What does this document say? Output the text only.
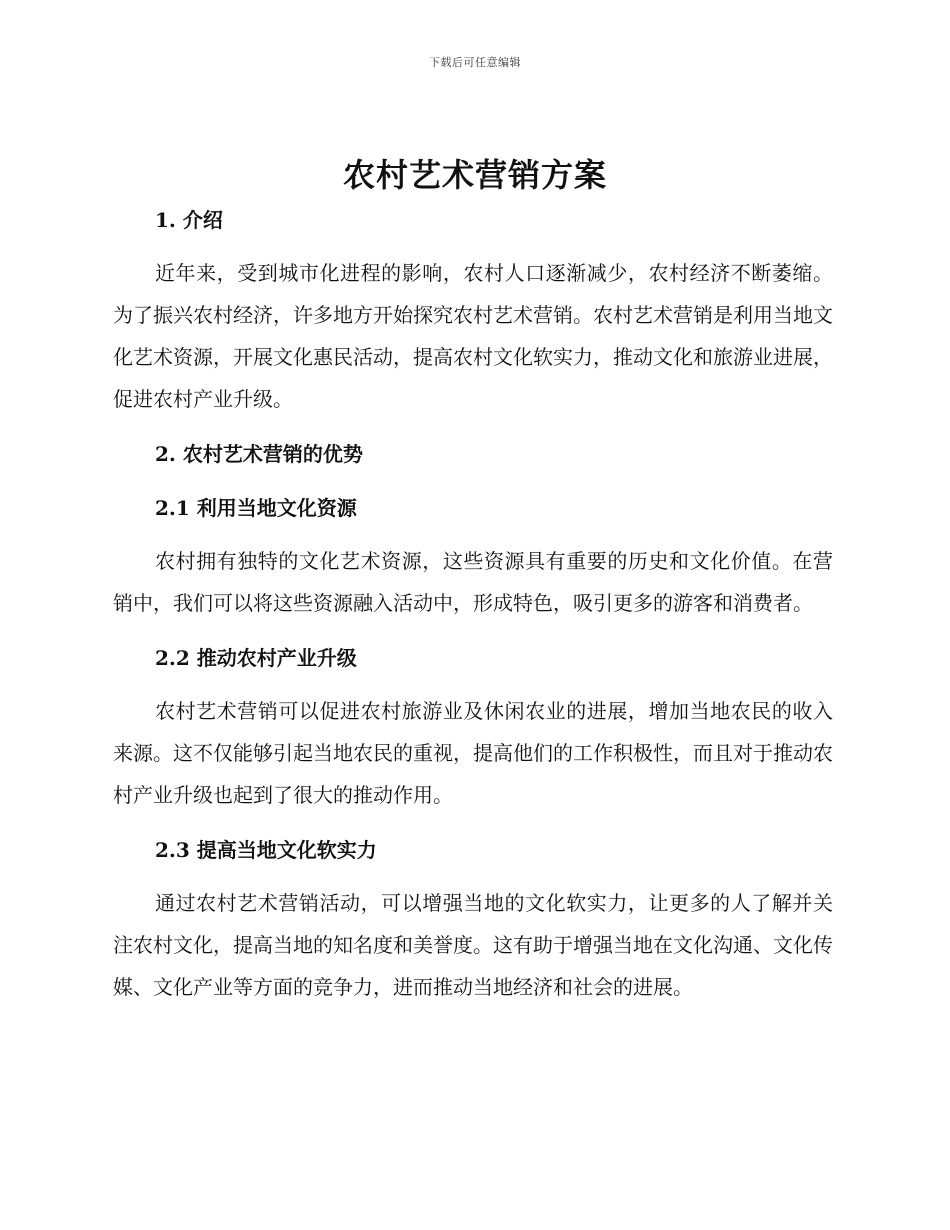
下载后可任意编辑
农村艺术营销方案
1. 介绍

近年来，受到城市化进程的影响，农村人口逐渐减少，农村经济不断萎缩。为了振兴农村经济，许多地方开始探究农村艺术营销。农村艺术营销是利用当地文化艺术资源，开展文化惠民活动，提高农村文化软实力，推动文化和旅游业进展，促进农村产业升级。

2. 农村艺术营销的优势
2.1 利用当地文化资源

农村拥有独特的文化艺术资源，这些资源具有重要的历史和文化价值。在营销中，我们可以将这些资源融入活动中，形成特色，吸引更多的游客和消费者。

2.2 推动农村产业升级

农村艺术营销可以促进农村旅游业及休闲农业的进展，增加当地农民的收入来源。这不仅能够引起当地农民的重视，提高他们的工作积极性，而且对于推动农村产业升级也起到了很大的推动作用。

2.3 提高当地文化软实力

通过农村艺术营销活动，可以增强当地的文化软实力，让更多的人了解并关注农村文化，提高当地的知名度和美誉度。这有助于增强当地在文化沟通、文化传媒、文化产业等方面的竞争力，进而推动当地经济和社会的进展。
